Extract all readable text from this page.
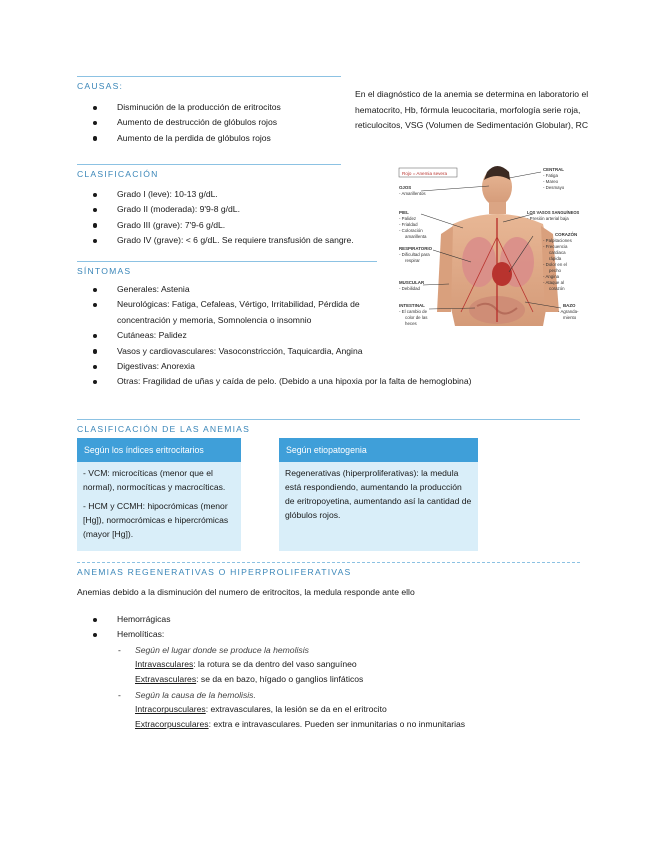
CAUSAS:
Disminución de la producción de eritrocitos
Aumento de destrucción de glóbulos rojos
Aumento de la perdida de glóbulos rojos
En el diagnóstico de la anemia se determina en laboratorio el hematocrito, Hb, fórmula leucocitaria, morfología serie roja, reticulocitos, VSG (Volumen de Sedimentación Globular), RC
CLASIFICACIÓN
Grado I (leve): 10-13 g/dL.
Grado II (moderada): 9'9-8 g/dL.
Grado III (grave): 7'9-6 g/dL.
Grado IV (grave): < 6 g/dL. Se requiere transfusión de sangre.
SÍNTOMAS
Generales: Astenia
Neurológicas: Fatiga, Cefaleas, Vértigo, Irritabilidad, Pérdida de concentración y memoria, Somnolencia o insomnio
Cutáneas: Palidez
Vasos y cardiovasculares: Vasoconstricción, Taquicardia, Angina
Digestivas: Anorexia
Otras: Fragilidad de uñas y caída de pelo. (Debido a una hipoxia por la falta de hemoglobina)
Rojo = Anemia severa
OJOS
- Amarillentos
PIEL
- Palidez
- Frialdad
- Coloración
amarillenta
RESPIRATORIO
- Dificultad para
respirar
MUSCULAR
- Debilidad
INTESTINAL
- El cambio de
color de las
heces
CENTRAL
- Fatiga
- Mareo
- Desmayo
LOS VASOS SANGUÍNEOS
- Presión arterial baja
CORAZÓN
- Palpitaciones
- Frecuencia
cardiaca
rápida
- Dolor en el
pecho
- Angina
- Ataque al
corazón
BAZO
- Agranda-
miento
CLASIFICACIÓN DE LAS ANEMIAS
Según los índices eritrocitarios

- VCM: microcíticas (menor que el normal), normocíticas y macrocíticas.

- HCM y CCMH: hipocrómicas (menor [Hg]), normocrómicas e hipercrómicas (mayor [Hg]).

Según etiopatogenia

Regenerativas (hiperproliferativas): la medula está respondiendo, aumentando la producción de eritropoyetina, aumentando así la cantidad de glóbulos rojos.

ANEMIAS REGENERATIVAS O HIPERPROLIFERATIVAS
Anemias debido a la disminución del numero de eritrocitos, la medula responde ante ello
Hemorrágicas
Hemolíticas:
- Según el lugar donde se produce la hemolisis
Intravasculares: la rotura se da dentro del vaso sanguíneo
Extravasculares: se da en bazo, hígado o ganglios linfáticos
- Según la causa de la hemolisis.
Intracorpusculares: extravasculares, la lesión se da en el eritrocito
Extracorpusculares: extra e intravasculares. Pueden ser inmunitarias o no inmunitarias
